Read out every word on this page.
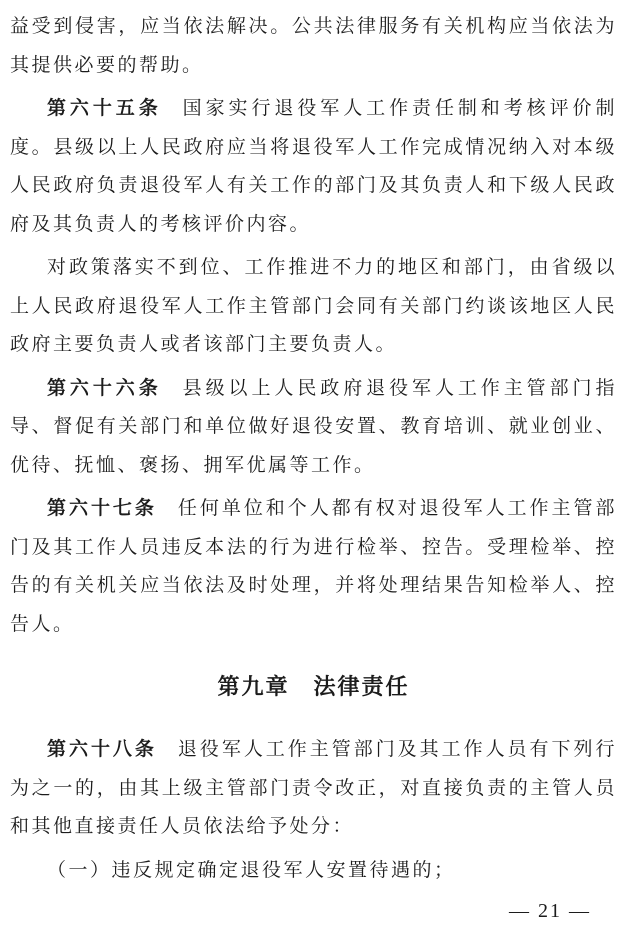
益受到侵害，应当依法解决。公共法律服务有关机构应当依法为其提供必要的帮助。
第六十五条 国家实行退役军人工作责任制和考核评价制度。县级以上人民政府应当将退役军人工作完成情况纳入对本级人民政府负责退役军人有关工作的部门及其负责人和下级人民政府及其负责人的考核评价内容。
对政策落实不到位、工作推进不力的地区和部门，由省级以上人民政府退役军人工作主管部门会同有关部门约谈该地区人民政府主要负责人或者该部门主要负责人。
第六十六条 县级以上人民政府退役军人工作主管部门指导、督促有关部门和单位做好退役安置、教育培训、就业创业、优待、抚恤、褒扬、拥军优属等工作。
第六十七条 任何单位和个人都有权对退役军人工作主管部门及其工作人员违反本法的行为进行检举、控告。受理检举、控告的有关机关应当依法及时处理，并将处理结果告知检举人、控告人。
第九章　法律责任
第六十八条 退役军人工作主管部门及其工作人员有下列行为之一的，由其上级主管部门责令改正，对直接负责的主管人员和其他直接责任人员依法给予处分：
（一）违反规定确定退役军人安置待遇的；
— 21 —
